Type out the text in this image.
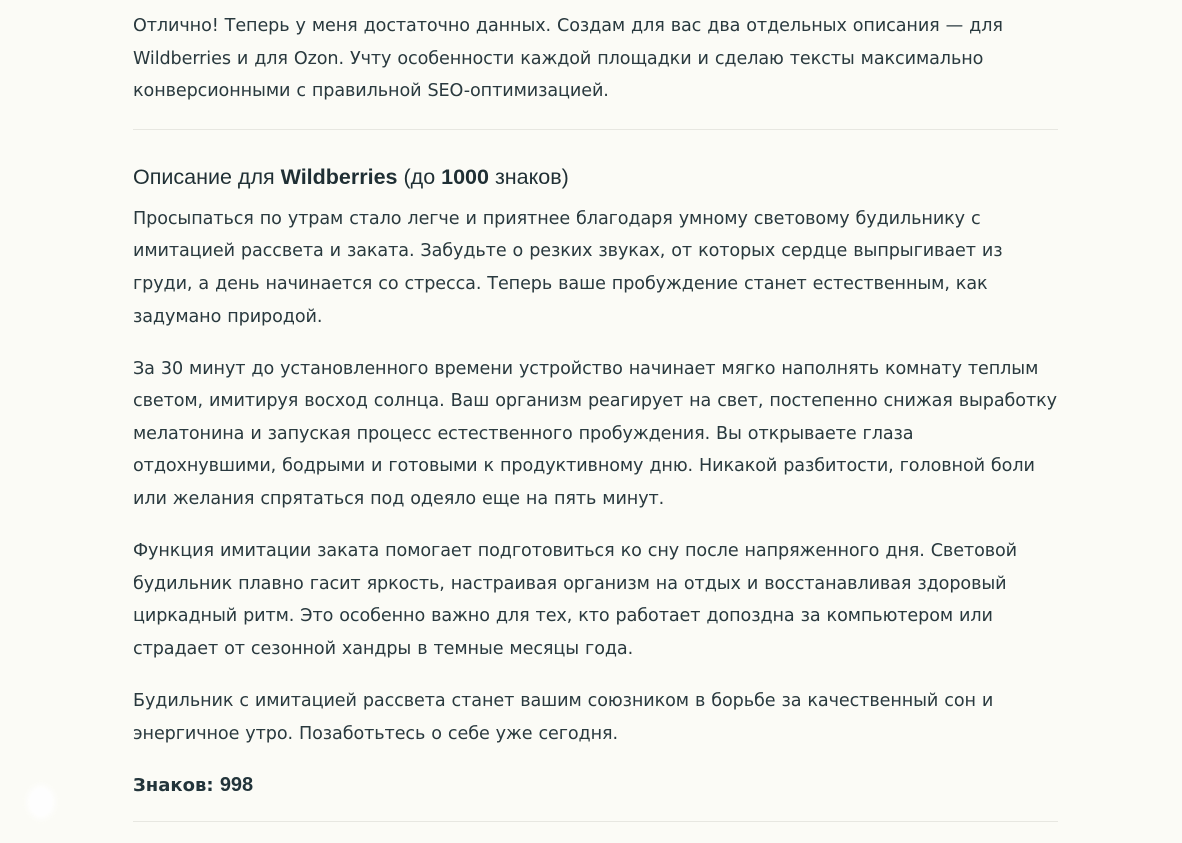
Отлично! Теперь у меня достаточно данных. Создам для вас два отдельных описания — для Wildberries и для Ozon. Учту особенности каждой площадки и сделаю тексты максимально конверсионными с правильной SEO-оптимизацией.

Описание для Wildberries (до 1000 знаков)

Просыпаться по утрам стало легче и приятнее благодаря умному световому будильнику с имитацией рассвета и заката. Забудьте о резких звуках, от которых сердце выпрыгивает из груди, а день начинается со стресса. Теперь ваше пробуждение станет естественным, как задумано природой.

За 30 минут до установленного времени устройство начинает мягко наполнять комнату теплым светом, имитируя восход солнца. Ваш организм реагирует на свет, постепенно снижая выработку мелатонина и запуская процесс естественного пробуждения. Вы открываете глаза отдохнувшими, бодрыми и готовыми к продуктивному дню. Никакой разбитости, головной боли или желания спрятаться под одеяло еще на пять минут.

Функция имитации заката помогает подготовиться ко сну после напряженного дня. Световой будильник плавно гасит яркость, настраивая организм на отдых и восстанавливая здоровый циркадный ритм. Это особенно важно для тех, кто работает допоздна за компьютером или страдает от сезонной хандры в темные месяцы года.

Будильник с имитацией рассвета станет вашим союзником в борьбе за качественный сон и энергичное утро. Позаботьтесь о себе уже сегодня.

Знаков: 998
